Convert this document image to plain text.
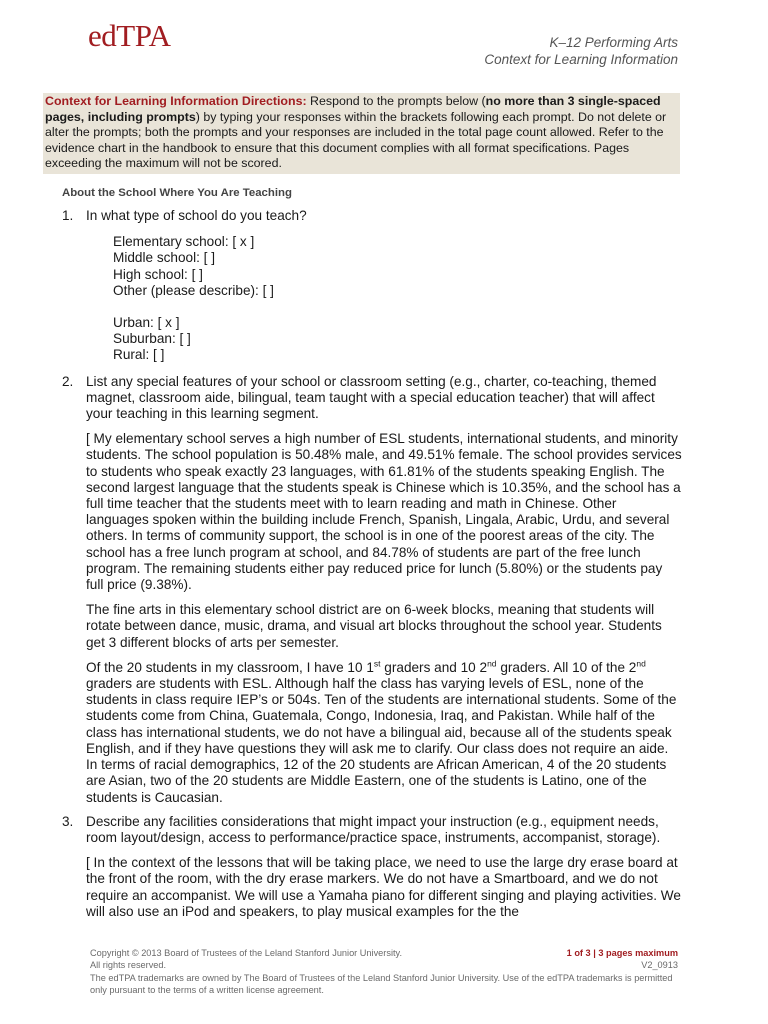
edTPA	K–12 Performing Arts
Context for Learning Information
Context for Learning Information Directions: Respond to the prompts below (no more than 3 single-spaced pages, including prompts) by typing your responses within the brackets following each prompt. Do not delete or alter the prompts; both the prompts and your responses are included in the total page count allowed. Refer to the evidence chart in the handbook to ensure that this document complies with all format specifications. Pages exceeding the maximum will not be scored.
About the School Where You Are Teaching
1. In what type of school do you teach?
Elementary school: [ x ]
Middle school: [ ]
High school: [ ]
Other (please describe): [ ]
Urban: [ x ]
Suburban: [ ]
Rural: [ ]
2. List any special features of your school or classroom setting (e.g., charter, co-teaching, themed magnet, classroom aide, bilingual, team taught with a special education teacher) that will affect your teaching in this learning segment.
[ My elementary school serves a high number of ESL students, international students, and minority students. The school population is 50.48% male, and 49.51% female. The school provides services to students who speak exactly 23 languages, with 61.81% of the students speaking English. The second largest language that the students speak is Chinese which is 10.35%, and the school has a full time teacher that the students meet with to learn reading and math in Chinese. Other languages spoken within the building include French, Spanish, Lingala, Arabic, Urdu, and several others. In terms of community support, the school is in one of the poorest areas of the city. The school has a free lunch program at school, and 84.78% of students are part of the free lunch program. The remaining students either pay reduced price for lunch (5.80%) or the students pay full price (9.38%).
The fine arts in this elementary school district are on 6-week blocks, meaning that students will rotate between dance, music, drama, and visual art blocks throughout the school year. Students get 3 different blocks of arts per semester.
Of the 20 students in my classroom, I have 10 1st graders and 10 2nd graders. All 10 of the 2nd graders are students with ESL. Although half the class has varying levels of ESL, none of the students in class require IEP’s or 504s. Ten of the students are international students. Some of the students come from China, Guatemala, Congo, Indonesia, Iraq, and Pakistan. While half of the class has international students, we do not have a bilingual aid, because all of the students speak English, and if they have questions they will ask me to clarify. Our class does not require an aide. In terms of racial demographics, 12 of the 20 students are African American, 4 of the 20 students are Asian, two of the 20 students are Middle Eastern, one of the students is Latino, one of the students is Caucasian.
3. Describe any facilities considerations that might impact your instruction (e.g., equipment needs, room layout/design, access to performance/practice space, instruments, accompanist, storage).
[ In the context of the lessons that will be taking place, we need to use the large dry erase board at the front of the room, with the dry erase markers. We do not have a Smartboard, and we do not require an accompanist. We will use a Yamaha piano for different singing and playing activities. We will also use an iPod and speakers, to play musical examples for the the
Copyright © 2013 Board of Trustees of the Leland Stanford Junior University.
All rights reserved.
The edTPA trademarks are owned by The Board of Trustees of the Leland Stanford Junior University. Use of the edTPA trademarks is permitted only pursuant to the terms of a written license agreement.
1 of 3 | 3 pages maximum
V2_0913
